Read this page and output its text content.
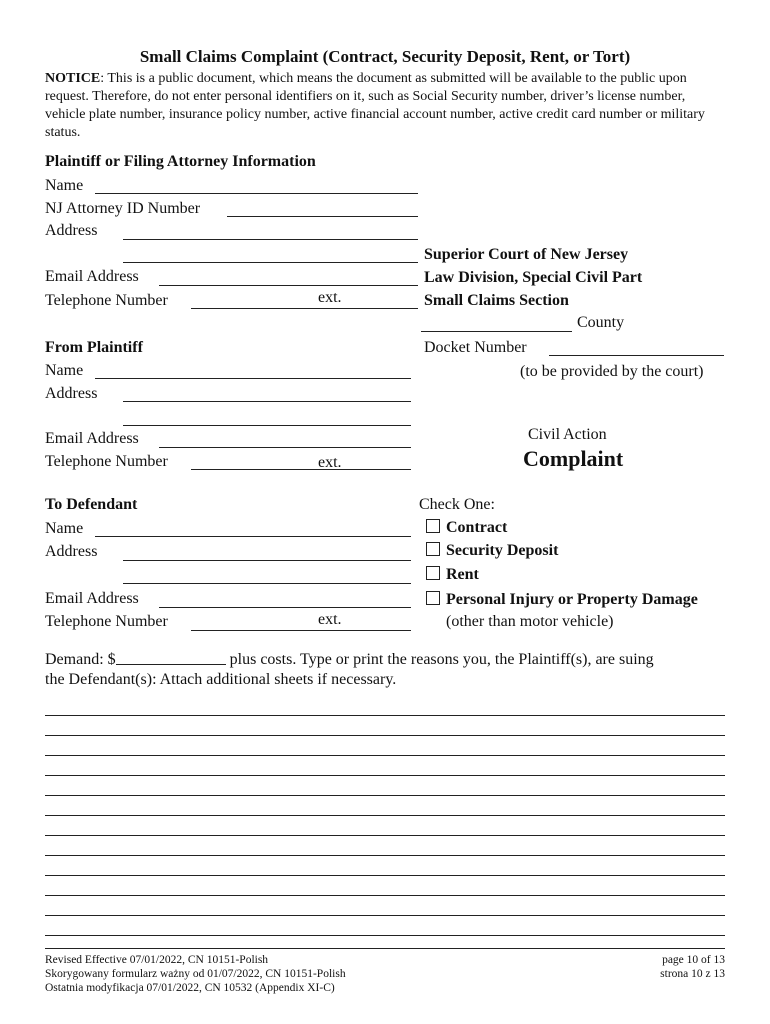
Small Claims Complaint (Contract, Security Deposit, Rent, or Tort)
NOTICE: This is a public document, which means the document as submitted will be available to the public upon request. Therefore, do not enter personal identifiers on it, such as Social Security number, driver’s license number, vehicle plate number, insurance policy number, active financial account number, active credit card number or military status.
Plaintiff or Filing Attorney Information
Name
NJ Attorney ID Number
Address
Email Address
Telephone Number	ext.
Superior Court of New Jersey
Law Division, Special Civil Part
Small Claims Section
County
Docket Number
(to be provided by the court)
From Plaintiff
Name
Address
Email Address
Telephone Number	ext.
Civil Action
Complaint
To Defendant
Name
Address
Email Address
Telephone Number	ext.
Check One:
Contract
Security Deposit
Rent
Personal Injury or Property Damage
(other than motor vehicle)
Demand: $	plus costs. Type or print the reasons you, the Plaintiff(s), are suing
the Defendant(s): Attach additional sheets if necessary.
Revised Effective 07/01/2022, CN 10151-Polish
Skorygowany formularz ważny od 01/07/2022, CN 10151-Polish
Ostatnia modyfikacja 07/01/2022, CN 10532 (Appendix XI-C)
page 10 of 13
strona 10 z 13
